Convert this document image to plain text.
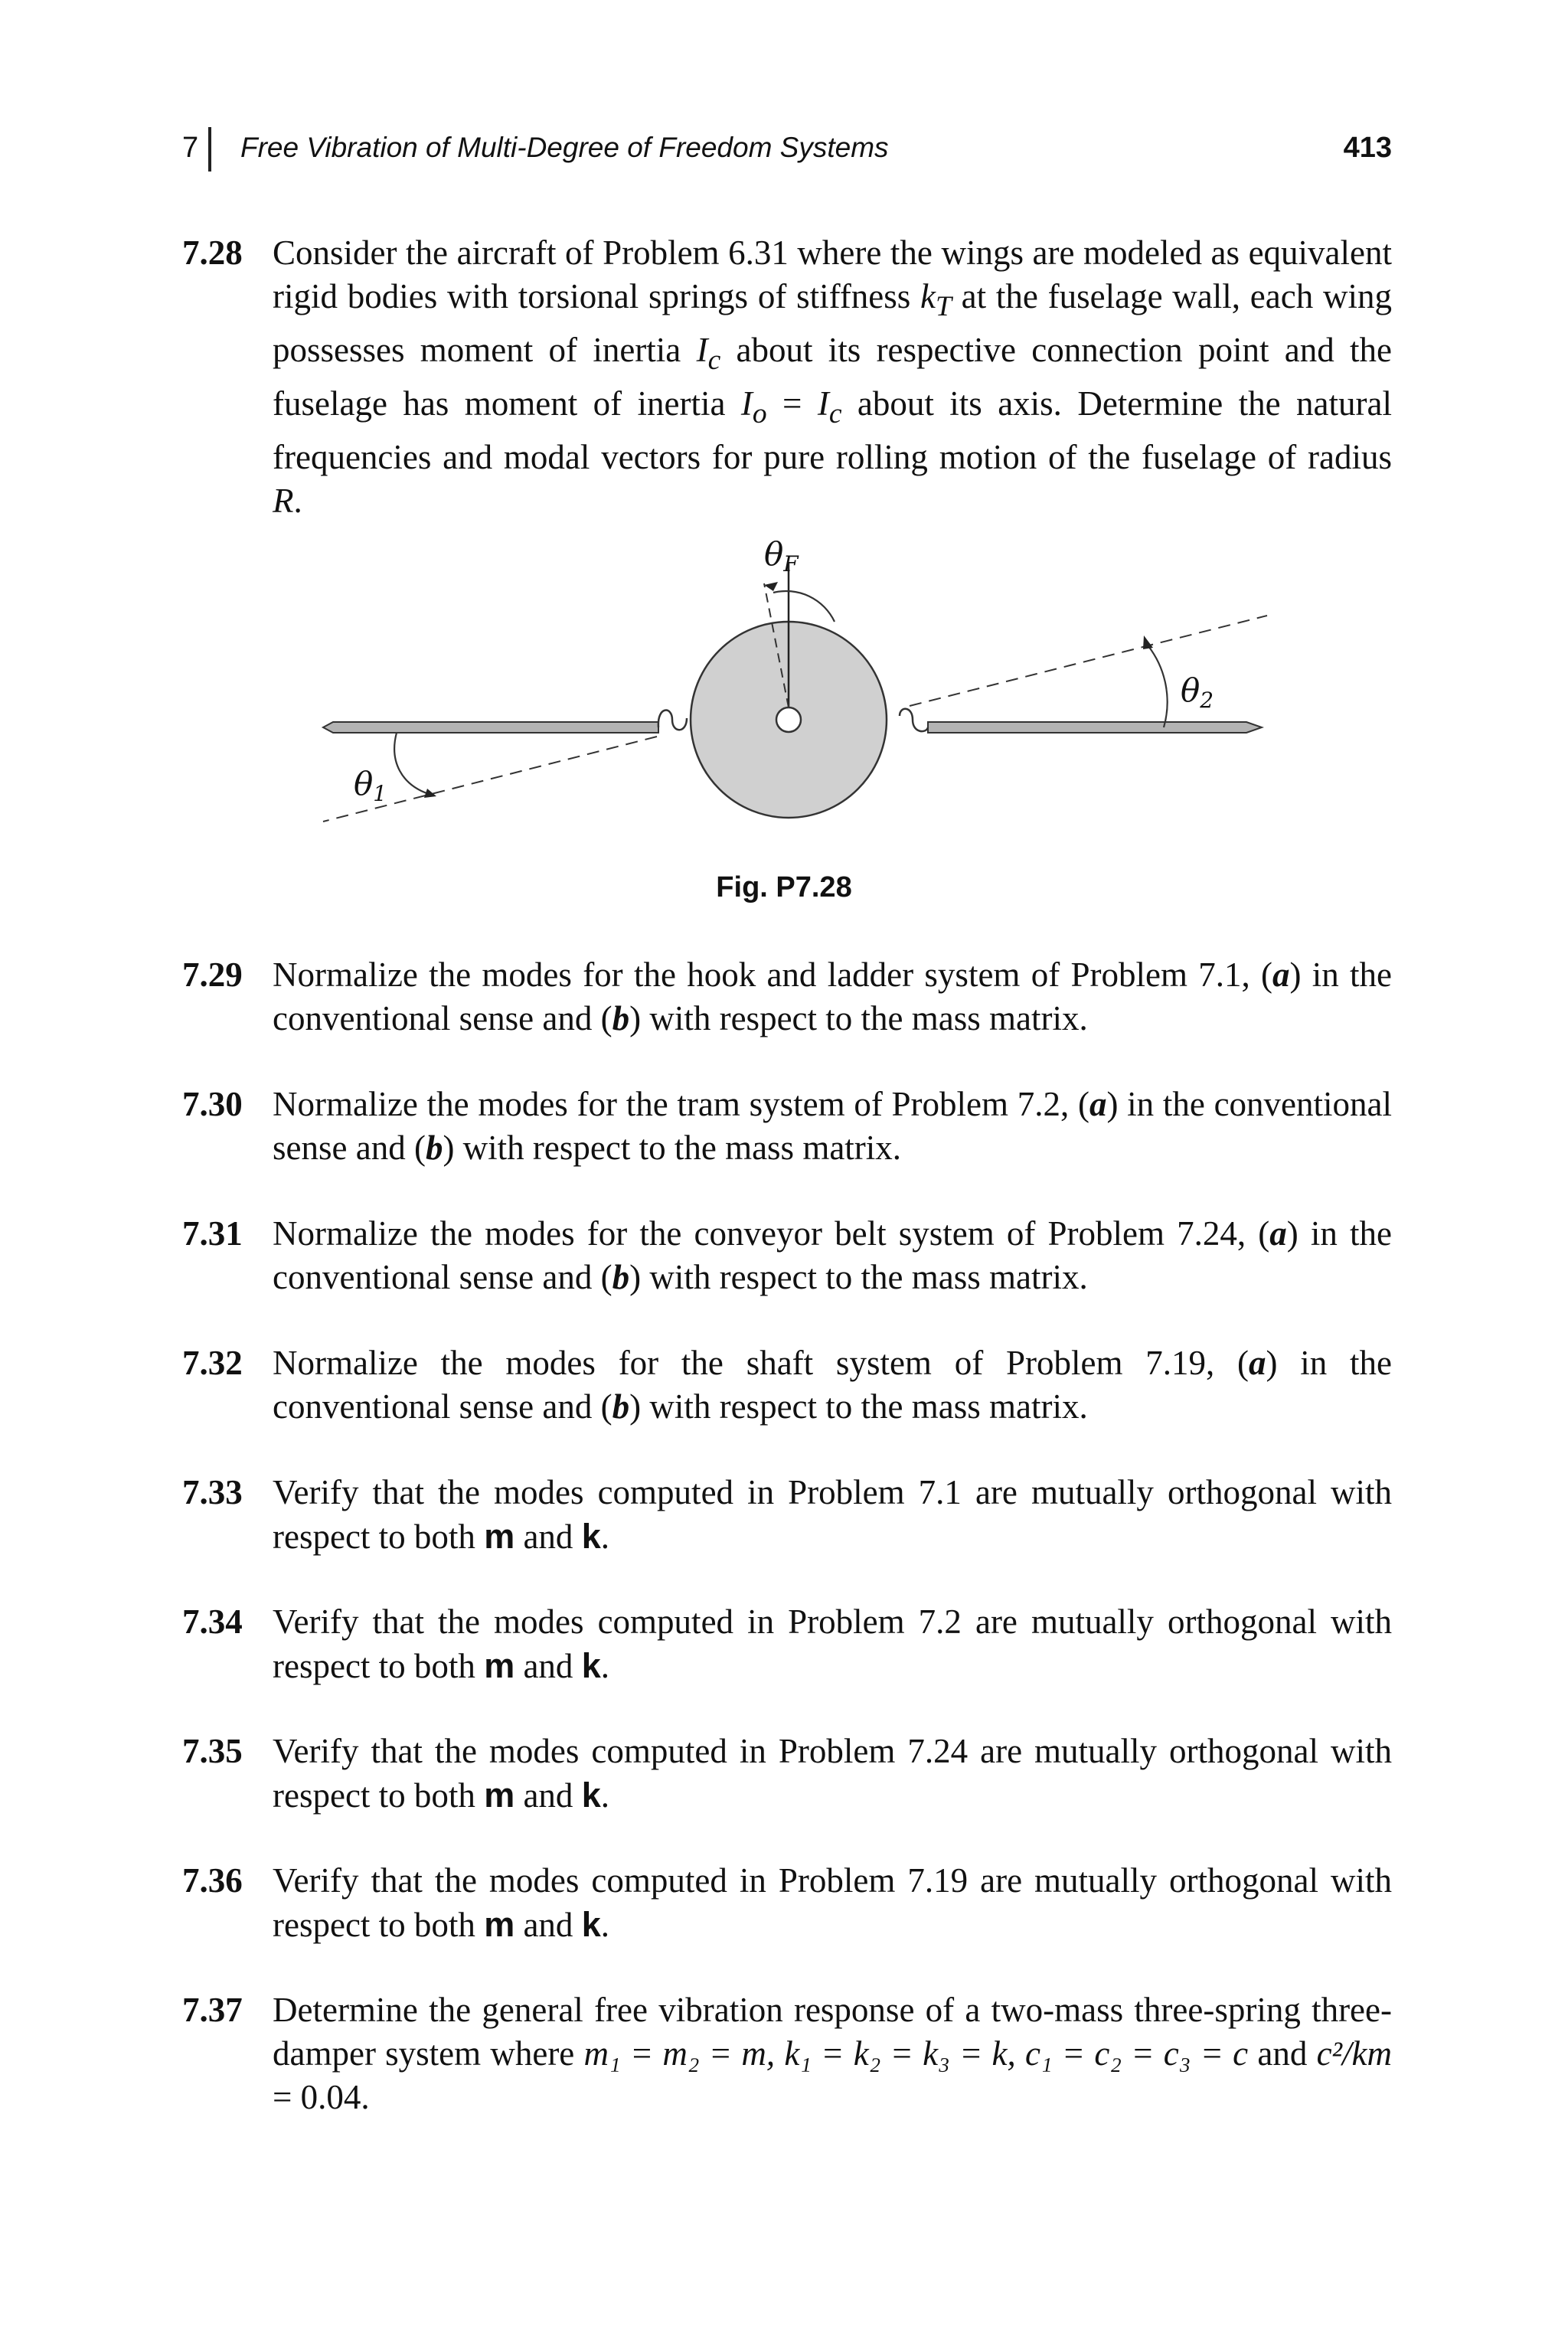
7 Free Vibration of Multi-Degree of Freedom Systems	413
7.28 Consider the aircraft of Problem 6.31 where the wings are modeled as equivalent rigid bodies with torsional springs of stiffness $k_T$ at the fuselage wall, each wing possesses moment of inertia $I_c$ about its respective connection point and the fuselage has moment of inertia $I_o = I_c$ about its axis. Determine the natural frequencies and modal vectors for pure rolling motion of the fuselage of radius R.
θF
θ2
θ1
Fig. P7.28
7.29 Normalize the modes for the hook and ladder system of Problem 7.1, (a) in the conventional sense and (b) with respect to the mass matrix.
7.30 Normalize the modes for the tram system of Problem 7.2, (a) in the conventional sense and (b) with respect to the mass matrix.
7.31 Normalize the modes for the conveyor belt system of Problem 7.24, (a) in the conventional sense and (b) with respect to the mass matrix.
7.32 Normalize the modes for the shaft system of Problem 7.19, (a) in the conventional sense and (b) with respect to the mass matrix.
7.33 Verify that the modes computed in Problem 7.1 are mutually orthogonal with respect to both m and k.
7.34 Verify that the modes computed in Problem 7.2 are mutually orthogonal with respect to both m and k.
7.35 Verify that the modes computed in Problem 7.24 are mutually orthogonal with respect to both m and k.
7.36 Verify that the modes computed in Problem 7.19 are mutually orthogonal with respect to both m and k.
7.37 Determine the general free vibration response of a two-mass three-spring three-damper system where m₁ = m₂ = m, k₁ = k₂ = k₃ = k, c₁ = c₂ = c₃ = c and c²/km = 0.04.
